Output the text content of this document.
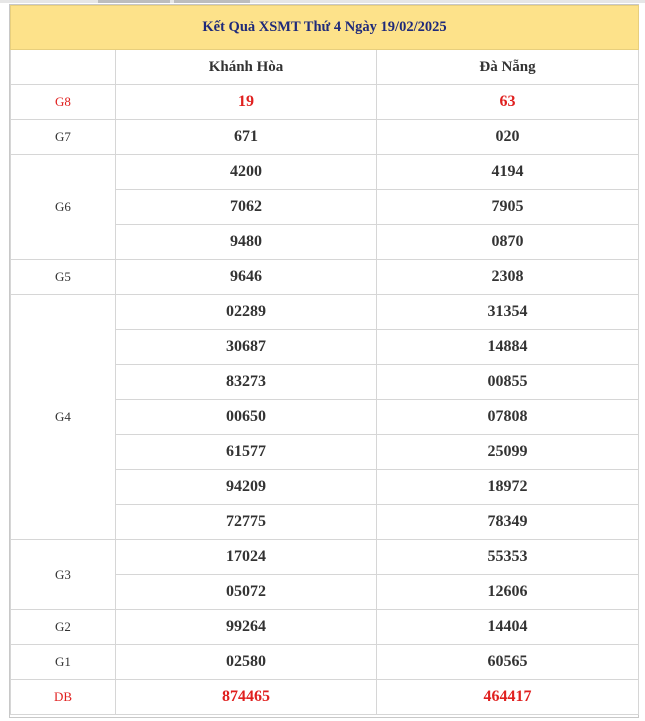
Kết Quả XSMT Thứ 4 Ngày 19/02/2025		
	Khánh Hòa	Đà Nẵng
G8	19	63
G7	671	020
G6	4200	4194
	7062	7905
	9480	0870
G5	9646	2308
G4	02289	31354
	30687	14884
	83273	00855
	00650	07808
	61577	25099
	94209	18972
	72775	78349
G3	17024	55353
	05072	12606
G2	99264	14404
G1	02580	60565
DB	874465	464417
